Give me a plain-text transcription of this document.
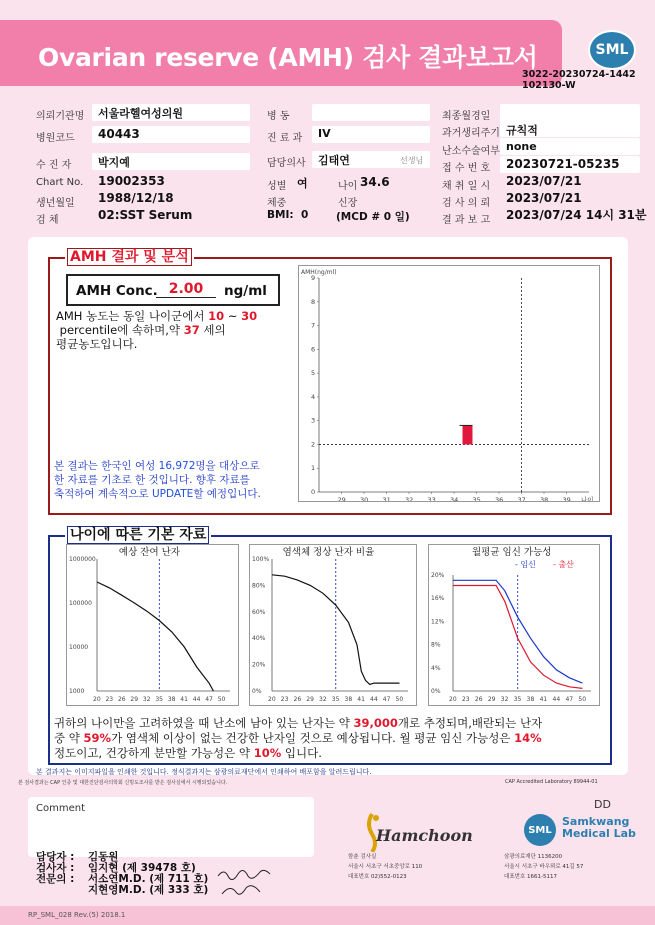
Ovarian reserve (AMH) 검사 결과보고서	SML
3022-20230724-1442
102130-W
의뢰기관명 서울라헬여성의원
병원코드 40443
수 진 자 박지예
Chart No. 19002353
생년월일 1988/12/18
검 체	02:SST Serum
병 동
진 료 과 IV
담당의사 김태연	선생님
성별 여	나이 34.6
체중	신장
BMI: 0	(MCD # 0 일)
최종월경일
과거생리주기 규칙적
난소수술여부 none
접 수 번 호 20230721-05235
채 취 일 시 2023/07/21
검 사 의 뢰 2023/07/21
결 과 보 고 2023/07/24 14시 31분
AMH 결과 및 분석
AMH Conc. 2.00	ng/ml
AMH 농도는 동일 나이군에서 10 ~ 30
percentile에 속하며,약 37 세의
평균농도입니다.
본 결과는 한국인 여성 16,972명을 대상으로
한 자료를 기초로 한 것입니다. 향후 자료를
축적하여 계속적으로 UPDATE할 예정입니다.
AMH(ng/ml)
0
1
2
3
4
5
6
7
8
9
29 30 31 32 33 34 35 36 37 38 39 나이
나이에 따른 기본 자료
예상 잔여 난자
1000000
100000
10000
1000
20 23 26 29 32 35 38 41 44 47 50
염색체 정상 난자 비율
100%
80%
60%
40%
20%
0%
20 23 26 29 32 35 38 41 44 47 50
월평균 임신 가능성
20%
16%
12%
8%
4%
0%
20 23 26 29 32 35 38 41 44 47 50
- 임신 - 출산
귀하의 나이만을 고려하였을 때 난소에 남아 있는 난자는 약 39,000개로 추정되며,배란되는 난자
중 약 59%가 염색체 이상이 없는 건강한 난자일 것으로 예상됩니다. 월 평균 임신 가능성은 14%
정도이고, 건강하게 분만할 가능성은 약 10% 입니다.
본 결과지는 이미지파일을 인쇄한 것입니다. 정식결과지는 삼광의료재단에서 인쇄하여 배포함을 알려드립니다.
본 검사결과는 CAP 인증 및 대한진단검사의학회 신빙도조사를 받은 검사실에서 시행되었습니다.	CAP Accredited Laboratory 89944-01
Comment	DD
담당자 : 김동원
검사자 : 임지현 (제 39478 호)
전문의 : 서소연M.D. (제 711 호)
지현영M.D. (제 333 호)
Hamchoon
함춘 검사실
서울시 서초구 서초중앙로 110
대표번호 02)552-0123
SML
Samkwang
Medical Lab
삼광의료재단 1136200
서울시 서초구 바우뫼로 41길 57
대표번호 1661-5117
RP_SML_028 Rev.(5) 2018.1
